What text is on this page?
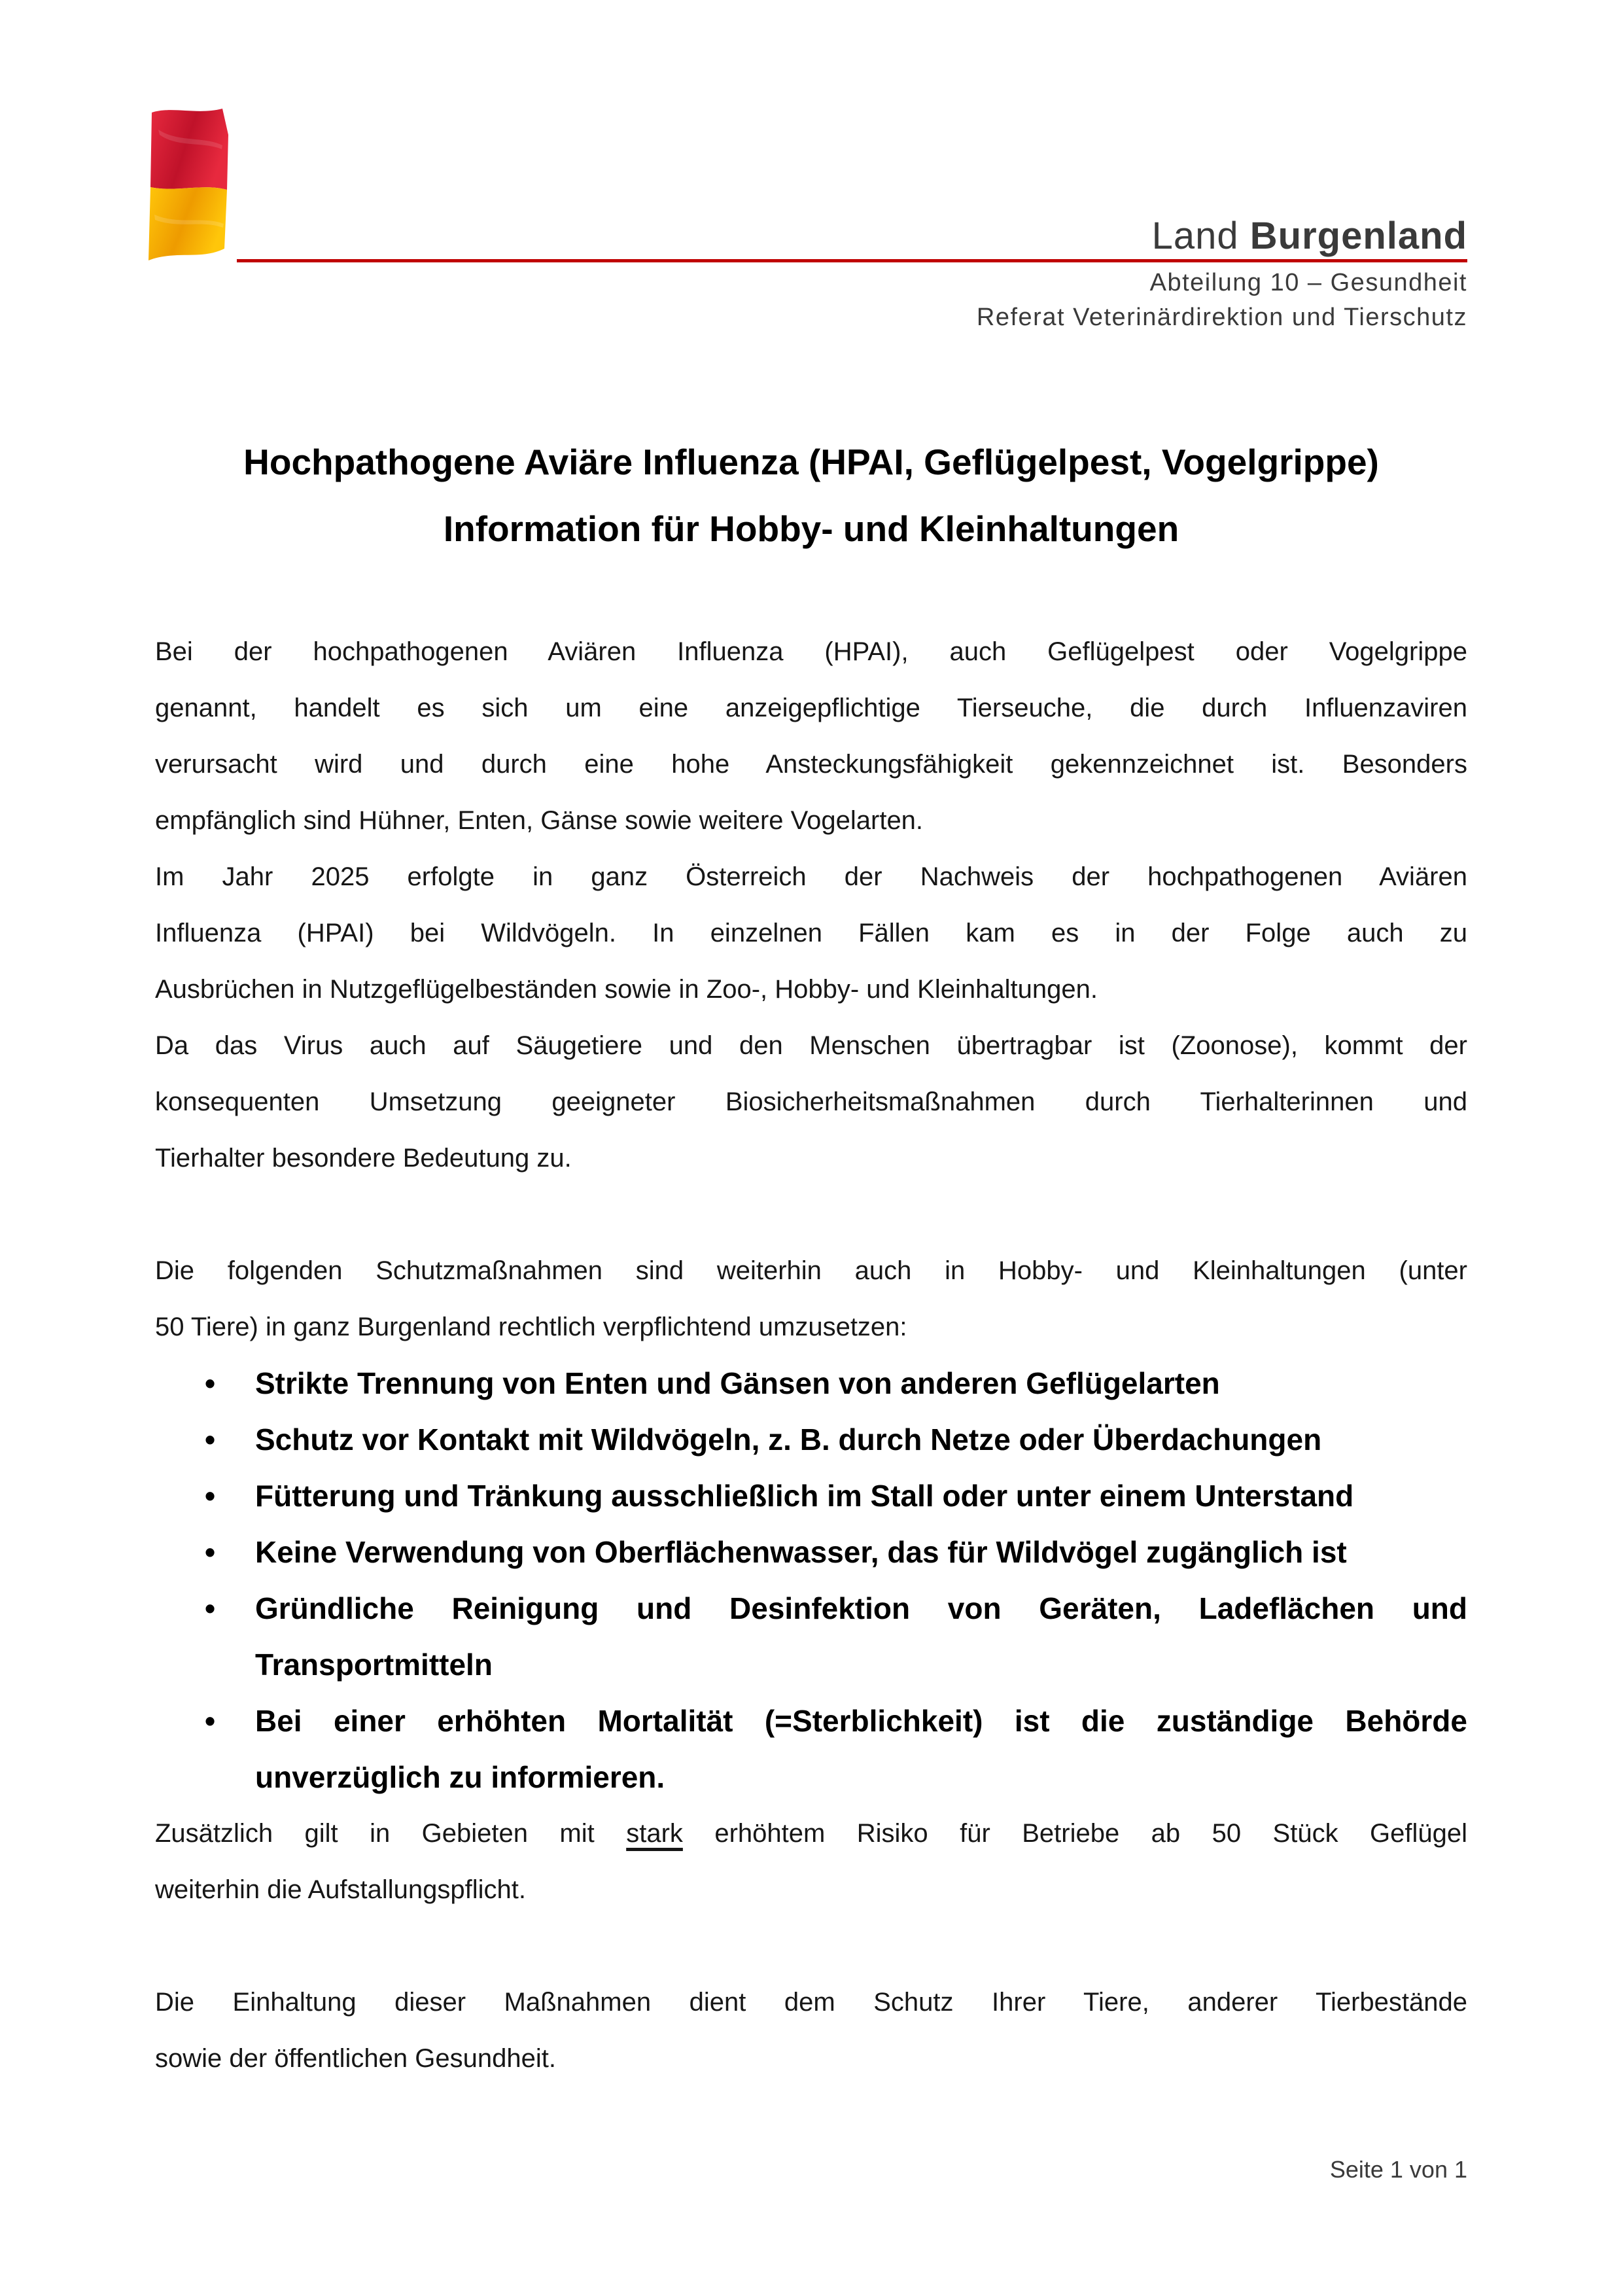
Land Burgenland
Abteilung 10 – Gesundheit
Referat Veterinärdirektion und Tierschutz
Hochpathogene Aviäre Influenza (HPAI, Geflügelpest, Vogelgrippe)
Information für Hobby- und Kleinhaltungen
Bei der hochpathogenen Aviären Influenza (HPAI), auch Geflügelpest oder Vogelgrippe
genannt, handelt es sich um eine anzeigepflichtige Tierseuche, die durch Influenzaviren
verursacht wird und durch eine hohe Ansteckungsfähigkeit gekennzeichnet ist. Besonders
empfänglich sind Hühner, Enten, Gänse sowie weitere Vogelarten.
Im Jahr 2025 erfolgte in ganz Österreich der Nachweis der hochpathogenen Aviären
Influenza (HPAI) bei Wildvögeln. In einzelnen Fällen kam es in der Folge auch zu
Ausbrüchen in Nutzgeflügelbeständen sowie in Zoo-, Hobby- und Kleinhaltungen.
Da das Virus auch auf Säugetiere und den Menschen übertragbar ist (Zoonose), kommt der
konsequenten Umsetzung geeigneter Biosicherheitsmaßnahmen durch Tierhalterinnen und
Tierhalter besondere Bedeutung zu.
Die folgenden Schutzmaßnahmen sind weiterhin auch in Hobby- und Kleinhaltungen (unter
50 Tiere) in ganz Burgenland rechtlich verpflichtend umzusetzen:
• Strikte Trennung von Enten und Gänsen von anderen Geflügelarten
• Schutz vor Kontakt mit Wildvögeln, z. B. durch Netze oder Überdachungen
• Fütterung und Tränkung ausschließlich im Stall oder unter einem Unterstand
• Keine Verwendung von Oberflächenwasser, das für Wildvögel zugänglich ist
• Gründliche Reinigung und Desinfektion von Geräten, Ladeflächen und
Transportmitteln
• Bei einer erhöhten Mortalität (=Sterblichkeit) ist die zuständige Behörde
unverzüglich zu informieren.
Zusätzlich gilt in Gebieten mit stark erhöhtem Risiko für Betriebe ab 50 Stück Geflügel
weiterhin die Aufstallungspflicht.
Die Einhaltung dieser Maßnahmen dient dem Schutz Ihrer Tiere, anderer Tierbestände
sowie der öffentlichen Gesundheit.
Seite 1 von 1
